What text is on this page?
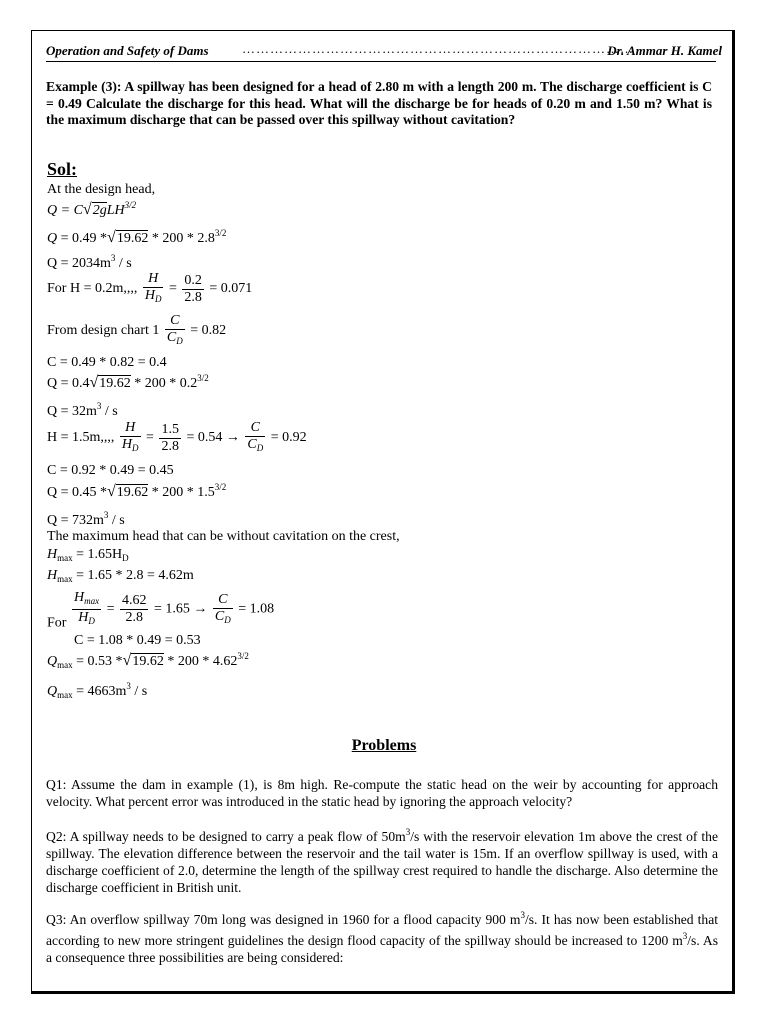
Operation and Safety of Dams	…………………………………………………………………………
Dr. Ammar H. Kamel
Example (3): A spillway has been designed for a head of 2.80 m with a length 200 m. The discharge coefficient is C = 0.49 Calculate the discharge for this head. What will the discharge be for heads of 0.20 m and 1.50 m? What is the maximum discharge that can be passed over this spillway without cavitation?
Sol:
At the design head,
Q = C√2gLH$^{3/2}$
Q = 0.49 $*√19.62 * 200 * 2.8^{3/2}$
$Q = 2034m^3 / s$
For H = 0.2m,,,, $\frac{H}{H_D} = \frac{0.2}{2.8} = 0.071$
From design chart $1 \frac{C}{C_D} = 0.82$
C = 0.49 * 0.82 = 0.4
$Q = 0.4√19.62 * 200 * 0.2^{3/2}$
$Q = 32m^3 / s$
H = 1.5m,,,, $\frac{H}{H_D} = \frac{1.5}{2.8} = 0.54 \to \frac{C}{C_D} = 0.92$
C = 0.92 * 0.49 = 0.45
Q = 0.45 $*√19.62 * 200 * 1.5^{3/2}$
$Q = 732m^3 / s$
The maximum head that can be without cavitation on the crest,
$H_{max} = 1.65H_D$
$H_{max} = 1.65 * 2.8 = 4.62m$
For $\frac{H_{max}}{H_D} = \frac{4.62}{2.8} = 1.65 \to \frac{C}{C_D} = 1.08$
C = 1.08 * 0.49 = 0.53
$Q_{max} = 0.53$ $*√19.62 * 200 * 4.62^{3/2}$
$Q_{max} = 4663m^3 / s$
Problems
Q1: Assume the dam in example (1), is 8m high. Re-compute the static head on the weir by accounting for approach velocity. What percent error was introduced in the static head by ignoring the approach velocity?
Q2: A spillway needs to be designed to carry a peak flow of $50m^3/s$ with the reservoir elevation 1m above the crest of the spillway. The elevation difference between the reservoir and the tail water is 15m. If an overflow spillway is used, with a discharge coefficient of 2.0, determine the length of the spillway crest required to handle the discharge. Also determine the discharge coefficient in British unit.
Q3: An overflow spillway 70m long was designed in 1960 for a flood capacity 900 $m^3/s$. It has now been established that according to new more stringent guidelines the design flood capacity of the spillway should be increased to 1200 $m^3/s$. As a consequence three possibilities are being considered:
